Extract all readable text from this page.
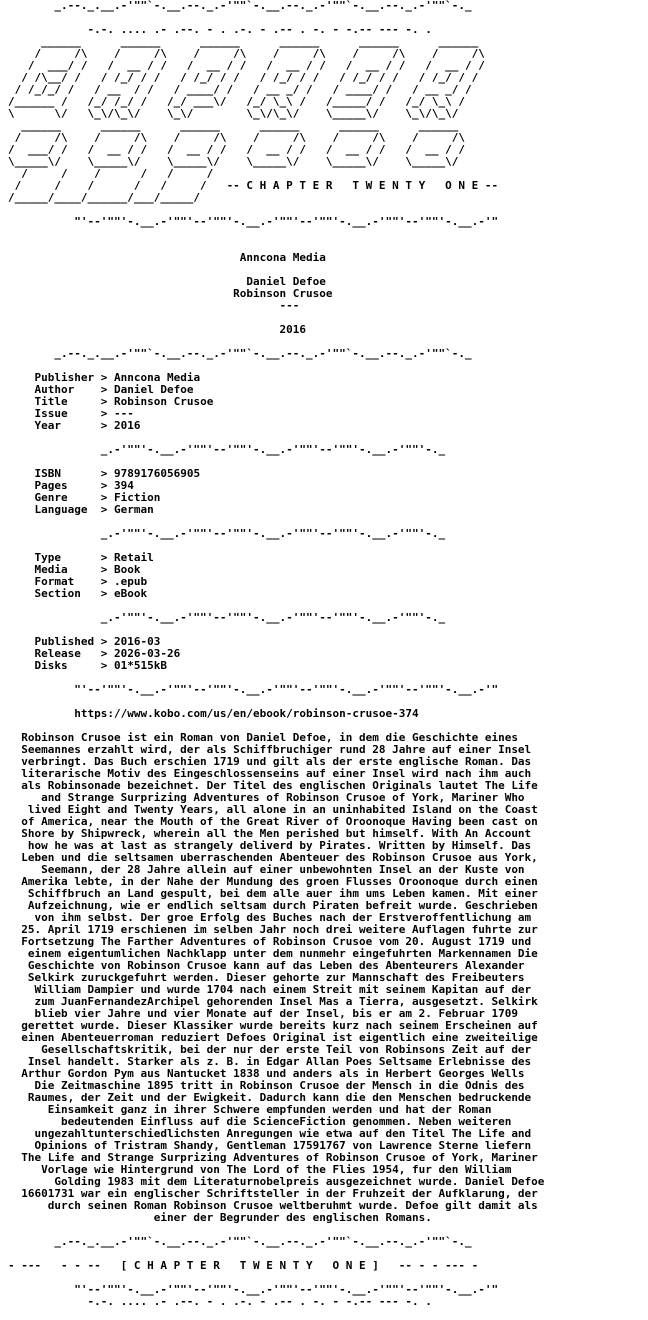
_.--._.__.-'""`-.__.--._.-'""`-.__.--._.-'""`-.__.--._.-'""`-._

-.-. .... .- .--. - . .-. - .-- . -. - -.-- --- -. .
______      ______      ______      ______      ______      ______
/     /\    /     /\    /     /\    /     /\    /     /\    /     /\
/  ___/ /   /  __ / /   /  __ / /   /  __ / /   /  __ / /   /  __ / /
/ /\__/ /   / /_/ / /   / /_/ / /   / /_/ / /   / /_/ / /   / /_/ / /
/ /_/_/ /   / __  / /   / ____/ /   / __ _/ /   / ____/ /   / __ _/ /
/______ /   /_/ /_/ /   /_/ ___\/   /_/ \_\ /   /_____/ /   /_/ \_\ /
\      \/   \_\/\_\/    \_\/        \_\/\_\/    \_____\/    \_\/\_\/
______      ______      ______      ______      ______      ______
/     /\    /     /\    /     /\    /     /\    /     /\    /     /\
/  ___/ /   /  __ / /   /  __ / /   /  __ / /   /  __ / /   /  __ / /
\_____\/    \_____\/    \_____\/    \_____\/    \_____\/    \_____\/
/     /    /      /   /     /
/     /    /      /   /     / -- C H A P T E R   T W E N T Y   O N E --
/_____/____/______/___/_____/

"'--'""'-.__.-'""'--'""'-.__.-'""'--'""'-.__.-'""'--'""'-.__.-'"

Anncona Media

Daniel Defoe
Robinson Crusoe
---

2016

_.--._.__.-'""`-.__.--._.-'""`-.__.--._.-'""`-.__.--._.-'""`-._

Publisher > Anncona Media
Author    > Daniel Defoe
Title     > Robinson Crusoe
Issue     > ---
Year      > 2016

_.-'""'-.__.-'""'--'""'-.__.-'""'--'""'-.__.-'""'-._

ISBN      > 9789176056905
Pages     > 394
Genre     > Fiction
Language  > German

_.-'""'-.__.-'""'--'""'-.__.-'""'--'""'-.__.-'""'-._

Type      > Retail
Media     > Book
Format    > .epub
Section   > eBook

_.-'""'-.__.-'""'--'""'-.__.-'""'--'""'-.__.-'""'-._

Published > 2016-03
Release   > 2026-03-26
Disks     > 01*515kB

"'--'""'-.__.-'""'--'""'-.__.-'""'--'""'-.__.-'""'--'""'-.__.-'"

https://www.kobo.com/us/en/ebook/robinson-crusoe-374

Robinson Crusoe ist ein Roman von Daniel Defoe, in dem die Geschichte eines
Seemannes erzahlt wird, der als Schiffbruchiger rund 28 Jahre auf einer Insel
verbringt. Das Buch erschien 1719 und gilt als der erste englische Roman. Das
literarische Motiv des Eingeschlossenseins auf einer Insel wird nach ihm auch
als Robinsonade bezeichnet. Der Titel des englischen Originals lautet The Life
and Strange Surprizing Adventures of Robinson Crusoe of York, Mariner Who
lived Eight and Twenty Years, all alone in an uninhabited Island on the Coast
of America, near the Mouth of the Great River of Oroonoque Having been cast on
Shore by Shipwreck, wherein all the Men perished but himself. With An Account
how he was at last as strangely deliverd by Pirates. Written by Himself. Das
Leben und die seltsamen uberraschenden Abenteuer des Robinson Crusoe aus York,
Seemann, der 28 Jahre allein auf einer unbewohnten Insel an der Kuste von
Amerika lebte, in der Nahe der Mundung des groen Flusses Oroonoque durch einen
Schiffbruch an Land gespult, bei dem alle auer ihm ums Leben kamen. Mit einer
Aufzeichnung, wie er endlich seltsam durch Piraten befreit wurde. Geschrieben
von ihm selbst. Der groe Erfolg des Buches nach der Erstveroffentlichung am
25. April 1719 erschienen im selben Jahr noch drei weitere Auflagen fuhrte zur
Fortsetzung The Farther Adventures of Robinson Crusoe vom 20. August 1719 und
einem eigentumlichen Nachklapp unter dem nunmehr eingefuhrten Markennamen Die
Geschichte von Robinson Crusoe kann auf das Leben des Abenteurers Alexander
Selkirk zuruckgefuhrt werden. Dieser gehorte zur Mannschaft des Freibeuters
William Dampier und wurde 1704 nach einem Streit mit seinem Kapitan auf der
zum JuanFernandezArchipel gehorenden Insel Mas a Tierra, ausgesetzt. Selkirk
blieb vier Jahre und vier Monate auf der Insel, bis er am 2. Februar 1709
gerettet wurde. Dieser Klassiker wurde bereits kurz nach seinem Erscheinen auf
einen Abenteuerroman reduziert Defoes Original ist eigentlich eine zweiteilige
Gesellschaftskritik, bei der nur der erste Teil von Robinsons Zeit auf der
Insel handelt. Starker als z. B. in Edgar Allan Poes Seltsame Erlebnisse des
Arthur Gordon Pym aus Nantucket 1838 und anders als in Herbert Georges Wells
Die Zeitmaschine 1895 tritt in Robinson Crusoe der Mensch in die Odnis des
Raumes, der Zeit und der Ewigkeit. Dadurch kann die den Menschen bedruckende
Einsamkeit ganz in ihrer Schwere empfunden werden und hat der Roman
bedeutenden Einfluss auf die ScienceFiction genommen. Neben weiteren
ungezahltunterschiedlichsten Anregungen wie etwa auf den Titel The Life and
Opinions of Tristram Shandy, Gentleman 17591767 von Lawrence Sterne liefern
The Life and Strange Surprizing Adventures of Robinson Crusoe of York, Mariner
Vorlage wie Hintergrund von The Lord of the Flies 1954, fur den William
Golding 1983 mit dem Literaturnobelpreis ausgezeichnet wurde. Daniel Defoe
16601731 war ein englischer Schriftsteller in der Fruhzeit der Aufklarung, der
durch seinen Roman Robinson Crusoe weltberuhmt wurde. Defoe gilt damit als
einer der Begrunder des englischen Romans.

_.--._.__.-'""`-.__.--._.-'""`-.__.--._.-'""`-.__.--._.-'""`-._

- ---   - - --   [ C H A P T E R   T W E N T Y   O N E ]   -- - - --- -

"'--'""'-.__.-'""'--'""'-.__.-'""'--'""'-.__.-'""'--'""'-.__.-'"
-.-. .... .- .--. - . .-. - .-- . -. - -.-- --- -. .
